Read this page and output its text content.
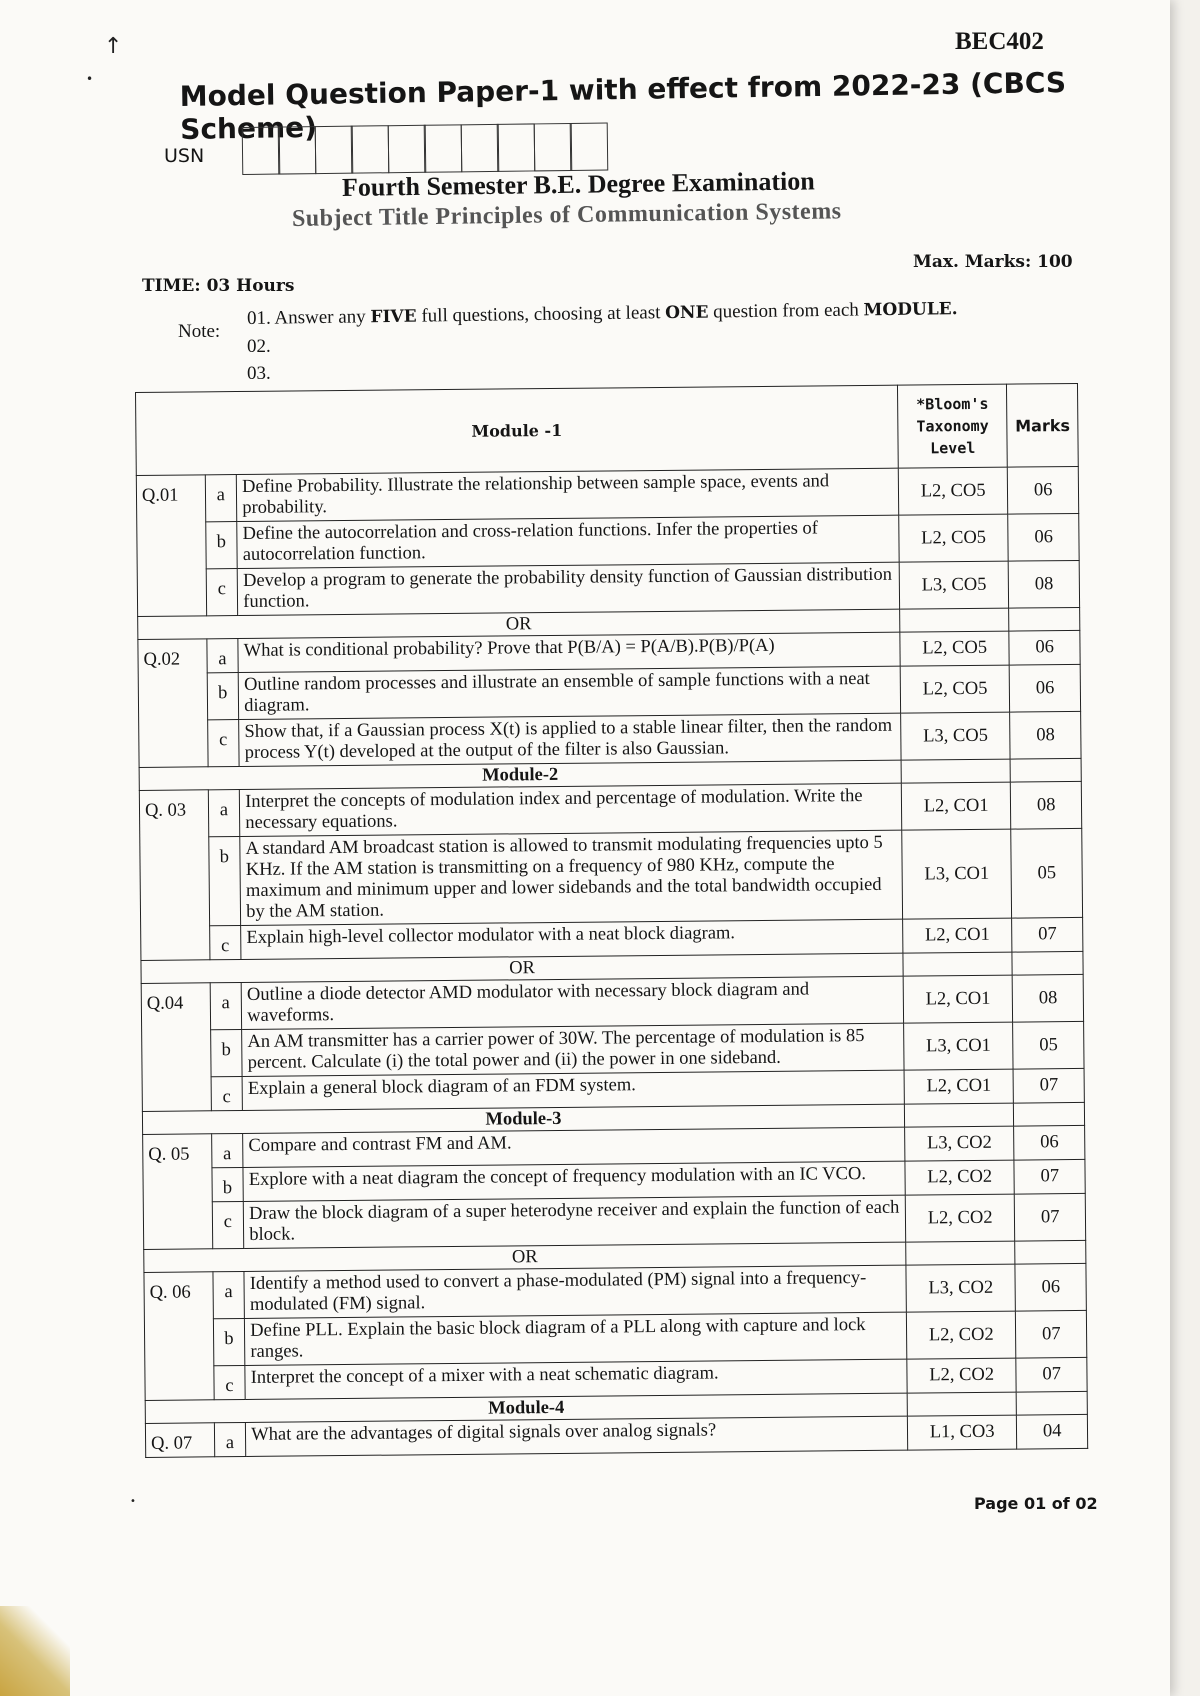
↑
•
BEC402
Model Question Paper-1 with effect from 2022-23 (CBCS Scheme)
USN
Fourth Semester B.E. Degree Examination
Subject Title Principles of Communication Systems
Max. Marks: 100
TIME: 03 Hours
Note:
01. Answer any FIVE full questions, choosing at least ONE question from each MODULE.
02.
03.
Module -1			*Bloom's Taxonomy Level	Marks
Q.01	a	Define Probability. Illustrate the relationship between sample space, events and probability.	L2, CO5	06
	b	Define the autocorrelation and cross-relation functions. Infer the properties of autocorrelation function.	L2, CO5	06
	c	Develop a program to generate the probability density function of Gaussian distribution function.	L3, CO5	08
OR				
Q.02	a	What is conditional probability? Prove that P(B/A) = P(A/B).P(B)/P(A)	L2, CO5	06
	b	Outline random processes and illustrate an ensemble of sample functions with a neat diagram.	L2, CO5	06
	c	Show that, if a Gaussian process X(t) is applied to a stable linear filter, then the random process Y(t) developed at the output of the filter is also Gaussian.	L3, CO5	08
Module-2				
Q. 03	a	Interpret the concepts of modulation index and percentage of modulation. Write the necessary equations.	L2, CO1	08
	b	A standard AM broadcast station is allowed to transmit modulating frequencies upto 5 KHz. If the AM station is transmitting on a frequency of 980 KHz, compute the maximum and minimum upper and lower sidebands and the total bandwidth occupied by the AM station.	L3, CO1	05
	c	Explain high-level collector modulator with a neat block diagram.	L2, CO1	07
OR				
Q.04	a	Outline a diode detector AMD modulator with necessary block diagram and waveforms.	L2, CO1	08
	b	An AM transmitter has a carrier power of 30W. The percentage of modulation is 85 percent. Calculate (i) the total power and (ii) the power in one sideband.	L3, CO1	05
	c	Explain a general block diagram of an FDM system.	L2, CO1	07
Module-3				
Q. 05	a	Compare and contrast FM and AM.	L3, CO2	06
	b	Explore with a neat diagram the concept of frequency modulation with an IC VCO.	L2, CO2	07
	c	Draw the block diagram of a super heterodyne receiver and explain the function of each block.	L2, CO2	07
OR				
Q. 06	a	Identify a method used to convert a phase-modulated (PM) signal into a frequency-modulated (FM) signal.	L3, CO2	06
	b	Define PLL. Explain the basic block diagram of a PLL along with capture and lock ranges.	L2, CO2	07
	c	Interpret the concept of a mixer with a neat schematic diagram.	L2, CO2	07
Module-4				
Q. 07	a	What are the advantages of digital signals over analog signals?	L1, CO3	04
•	Page 01 of 02
